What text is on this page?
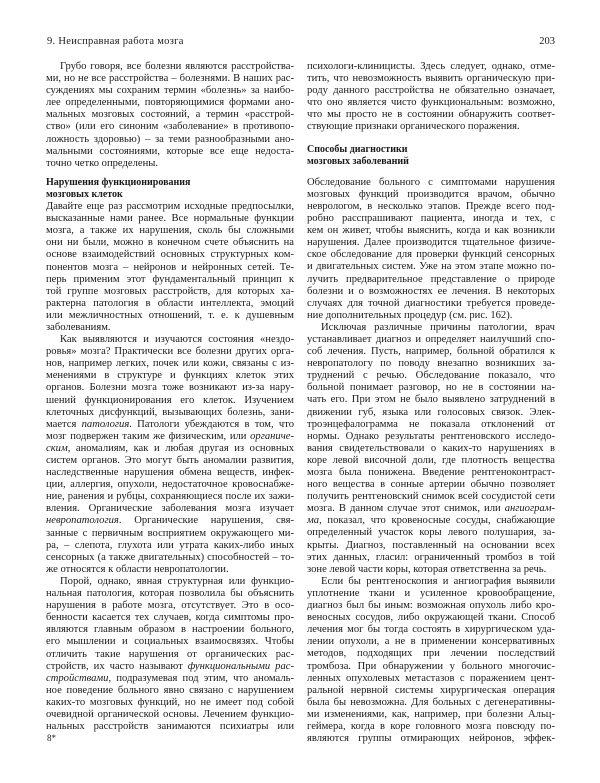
9. Неисправная работа мозга	203
Грубо говоря, все болезни являются расстройства-
ми, но не все расстройства – болезнями. В наших рас-
суждениях мы сохраним термин «болезнь» за наибо-
лее определенными, повторяющимися формами ано-
мальных мозговых состояний, а термин «расстрой-
ство» (или его синоним «заболевание» в противопо-
ложность здоровью) – за теми разнообразными ано-
мальными состояниями, которые все еще недоста-
точно четко определены.
Нарушения функционирования
мозговых клеток
Давайте еще раз рассмотрим исходные предпосылки,
высказанные нами ранее. Все нормальные функции
мозга, а также их нарушения, сколь бы сложными
они ни были, можно в конечном счете объяснить на
основе взаимодействий основных структурных ком-
понентов мозга – нейронов и нейронных сетей. Те-
перь применим этот фундаментальный принцип к
той группе мозговых расстройств, для которых ха-
рактерна патология в области интеллекта, эмоций
или межличностных отношений, т. е. к душевным
заболеваниям.
Как выявляются и изучаются состояния «нездо-
ровья» мозга? Практически все болезни других орга-
нов, например легких, почек или кожи, связаны с из-
менениями в структуре и функциях клеток этих
органов. Болезни мозга тоже возникают из-за нару-
шений функционирования его клеток. Изучением
клеточных дисфункций, вызывающих болезнь, зани-
мается патология. Патологи убеждаются в том, что
мозг подвержен таким же физическим, или органиче-
ским, аномалиям, как и любая другая из основных
систем органов. Это могут быть аномалии развития,
наследственные нарушения обмена веществ, инфек-
ции, аллергия, опухоли, недостаточное кровоснабже-
ние, ранения и рубцы, сохраняющиеся после их зажи-
вления. Органические заболевания мозга изучает
невропатология. Органические нарушения, свя-
занные с первичным восприятием окружающего ми-
ра, – слепота, глухота или утрата каких-либо иных
сенсорных (а также двигательных) способностей – то-
же относятся к области невропатологии.
Порой, однако, явная структурная или функцио-
нальная патология, которая позволила бы объяснить
нарушения в работе мозга, отсутствует. Это в осо-
бенности касается тех случаев, когда симптомы про-
являются главным образом в настроении больного,
его мышлении и социальных взаимосвязях. Чтобы
отличить такие нарушения от органических рас-
стройств, их часто называют функциональными рас-
стройствами, подразумевая под этим, что аномаль-
ное поведение больного явно связано с нарушением
каких-то мозговых функций, но не имеет под собой
очевидной органической основы. Лечением функцио-
нальных расстройств занимаются психиатры или
психологи-клиницисты. Здесь следует, однако, отме-
тить, что невозможность выявить органическую при-
роду данного расстройства не обязательно означает,
что оно является чисто функциональным: возможно,
что мы просто не в состоянии обнаружить соответ-
ствующие признаки органического поражения.
Способы диагностики
мозговых заболеваний
Обследование больного с симптомами нарушения
мозговых функций производится врачом, обычно
неврологом, в несколько этапов. Прежде всего под-
робно расспрашивают пациента, иногда и тех, с
кем он живет, чтобы выяснить, когда и как возникли
нарушения. Далее производится тщательное физиче-
ское обследование для проверки функций сенсорных
и двигательных систем. Уже на этом этапе можно по-
лучить предварительное представление о природе
болезни и о возможностях ее лечения. В некоторых
случаях для точной диагностики требуется проведе-
ние дополнительных процедур (см. рис. 162).
Исключая различные причины патологии, врач
устанавливает диагноз и определяет наилучший спо-
соб лечения. Пусть, например, больной обратился к
невропатологу по поводу внезапно возникших за-
труднений с речью. Обследование показало, что
больной понимает разговор, но не в состоянии на-
чать его. При этом не было выявлено затруднений в
движении губ, языка или голосовых связок. Элек-
троэнцефалограмма не показала отклонений от
нормы. Однако результаты рентгеновского исследо-
вания свидетельствовали о каких-то нарушениях в
коре левой височной доли, где плотность вещества
мозга была понижена. Введение рентгеноконтраст-
ного вещества в сонные артерии обычно позволяет
получить рентгеновский снимок всей сосудистой сети
мозга. В данном случае этот снимок, или ангиограм-
ма, показал, что кровеносные сосуды, снабжающие
определенный участок коры левого полушария, за-
крыты. Диагноз, поставленный на основании всех
этих данных, гласил: ограниченный тромбоз в той
зоне левой части коры, которая ответственна за речь.
Если бы рентгеноскопия и ангиография выявили
уплотнение ткани и усиленное кровообращение,
диагноз был бы иным: возможная опухоль либо кро-
веносных сосудов, либо окружающей ткани. Способ
лечения мог бы тогда состоять в хирургическом уда-
лении опухоли, а не в применении консервативных
методов, подходящих при лечении последствий
тромбоза. При обнаружении у больного многочис-
ленных опухолевых метастазов с поражением цент-
ральной нервной системы хирургическая операция
была бы невозможна. Для больных с дегенеративны-
ми изменениями, как, например, при болезни Альц-
геймера, когда в коре головного мозга повсюду по-
являются группы отмирающих нейронов, эффек-
8*
